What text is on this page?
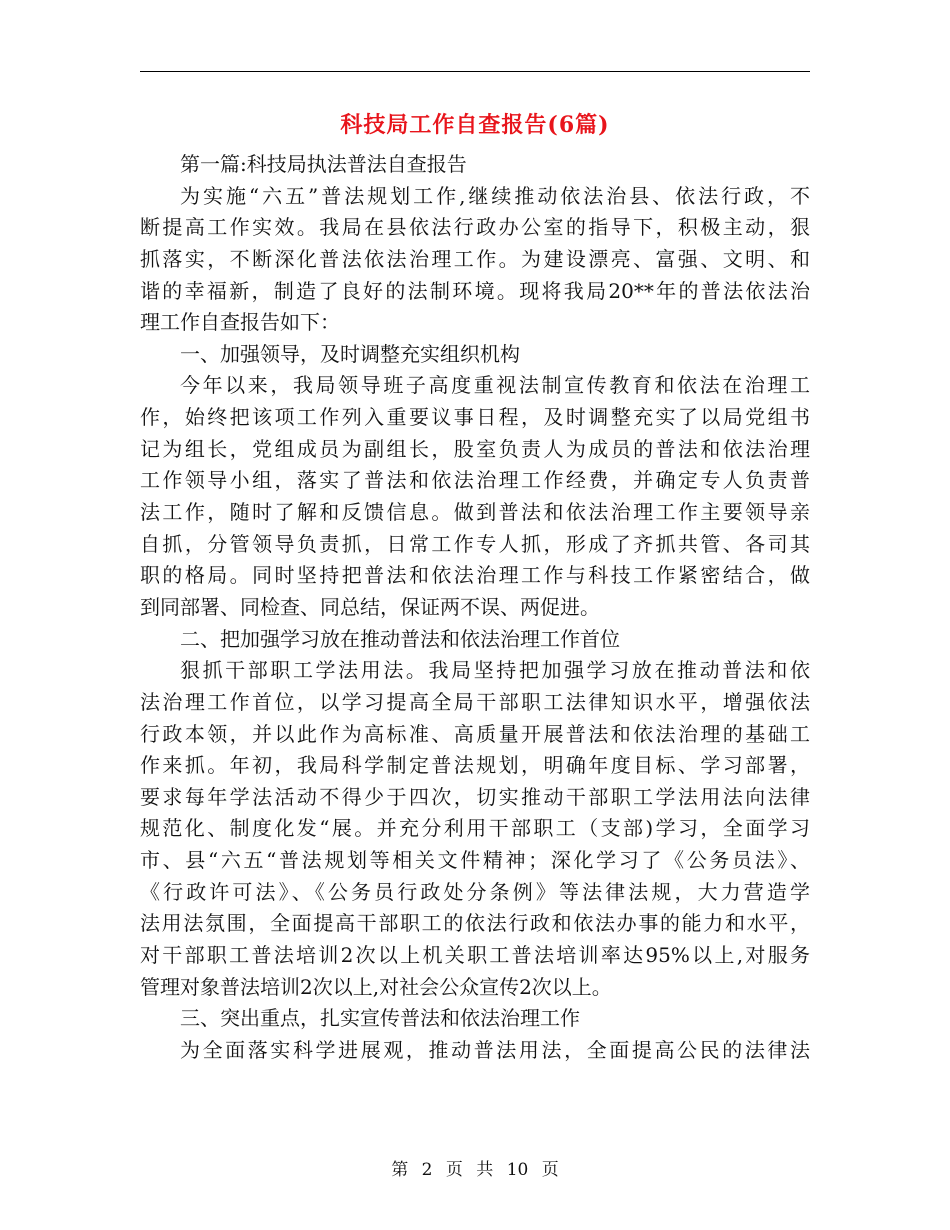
科技局工作自查报告(6篇)
第一篇:科技局执法普法自查报告
为实施“六五”普法规划工作,继续推动依法治县、依法行政，不
断提高工作实效。我局在县依法行政办公室的指导下，积极主动，狠
抓落实，不断深化普法依法治理工作。为建设漂亮、富强、文明、和
谐的幸福新，制造了良好的法制环境。现将我局20**年的普法依法治
理工作自查报告如下：
一、加强领导，及时调整充实组织机构
今年以来，我局领导班子高度重视法制宣传教育和依法在治理工
作，始终把该项工作列入重要议事日程，及时调整充实了以局党组书
记为组长，党组成员为副组长，股室负责人为成员的普法和依法治理
工作领导小组，落实了普法和依法治理工作经费，并确定专人负责普
法工作，随时了解和反馈信息。做到普法和依法治理工作主要领导亲
自抓，分管领导负责抓，日常工作专人抓，形成了齐抓共管、各司其
职的格局。同时坚持把普法和依法治理工作与科技工作紧密结合，做
到同部署、同检查、同总结，保证两不误、两促进。
二、把加强学习放在推动普法和依法治理工作首位
狠抓干部职工学法用法。我局坚持把加强学习放在推动普法和依
法治理工作首位，以学习提高全局干部职工法律知识水平，增强依法
行政本领，并以此作为高标准、高质量开展普法和依法治理的基础工
作来抓。年初，我局科学制定普法规划，明确年度目标、学习部署，
要求每年学法活动不得少于四次，切实推动干部职工学法用法向法律
规范化、制度化发“展。并充分利用干部职工（支部)学习，全面学习
市、县“六五“普法规划等相关文件精神；深化学习了《公务员法》、
《行政许可法》、《公务员行政处分条例》等法律法规，大力营造学
法用法氛围，全面提高干部职工的依法行政和依法办事的能力和水平，
对干部职工普法培训2次以上机关职工普法培训率达95%以上,对服务
管理对象普法培训2次以上,对社会公众宣传2次以上。
三、突出重点，扎实宣传普法和依法治理工作
为全面落实科学进展观，推动普法用法，全面提高公民的法律法
第 2 页 共 10 页
